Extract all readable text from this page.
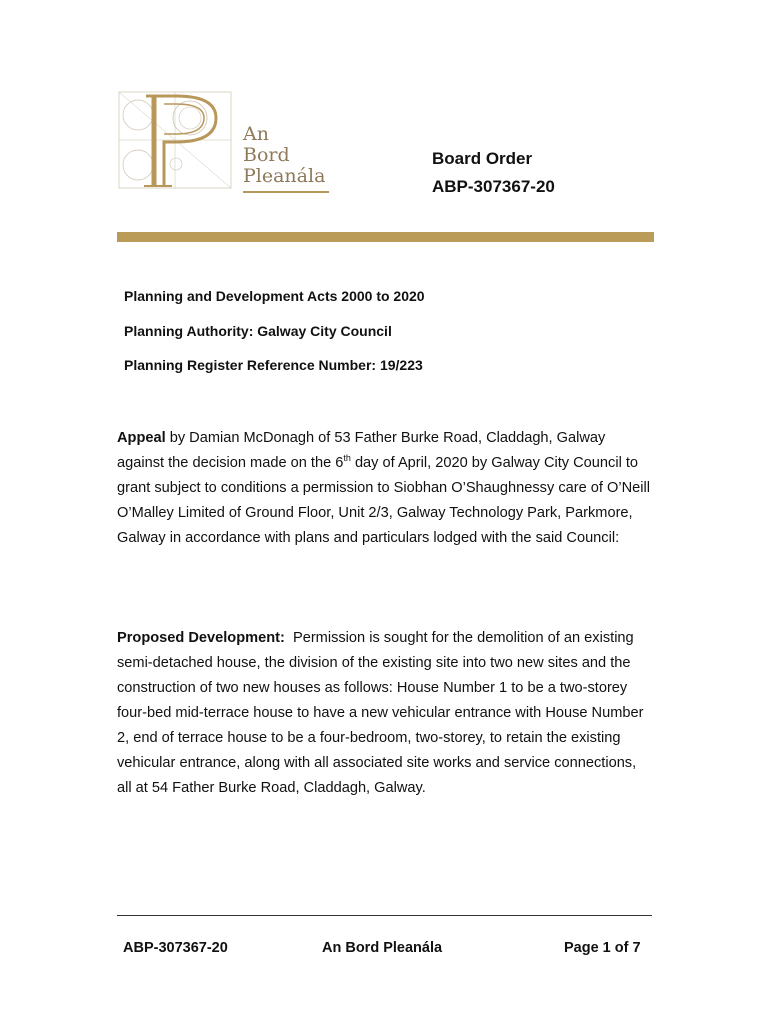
An
Bord
Pleanála
Board Order
ABP-307367-20
Planning and Development Acts 2000 to 2020
Planning Authority: Galway City Council
Planning Register Reference Number: 19/223

Appeal by Damian McDonagh of 53 Father Burke Road, Claddagh, Galway against the decision made on the 6th day of April, 2020 by Galway City Council to grant subject to conditions a permission to Siobhan O’Shaughnessy care of O’Neill O’Malley Limited of Ground Floor, Unit 2/3, Galway Technology Park, Parkmore, Galway in accordance with plans and particulars lodged with the said Council:

Proposed Development:  Permission is sought for the demolition of an existing semi-detached house, the division of the existing site into two new sites and the construction of two new houses as follows: House Number 1 to be a two-storey four-bed mid-terrace house to have a new vehicular entrance with House Number 2, end of terrace house to be a four-bedroom, two-storey, to retain the existing vehicular entrance, along with all associated site works and service connections, all at 54 Father Burke Road, Claddagh, Galway.

ABP-307367-20	An Bord Pleanála	Page 1 of 7
